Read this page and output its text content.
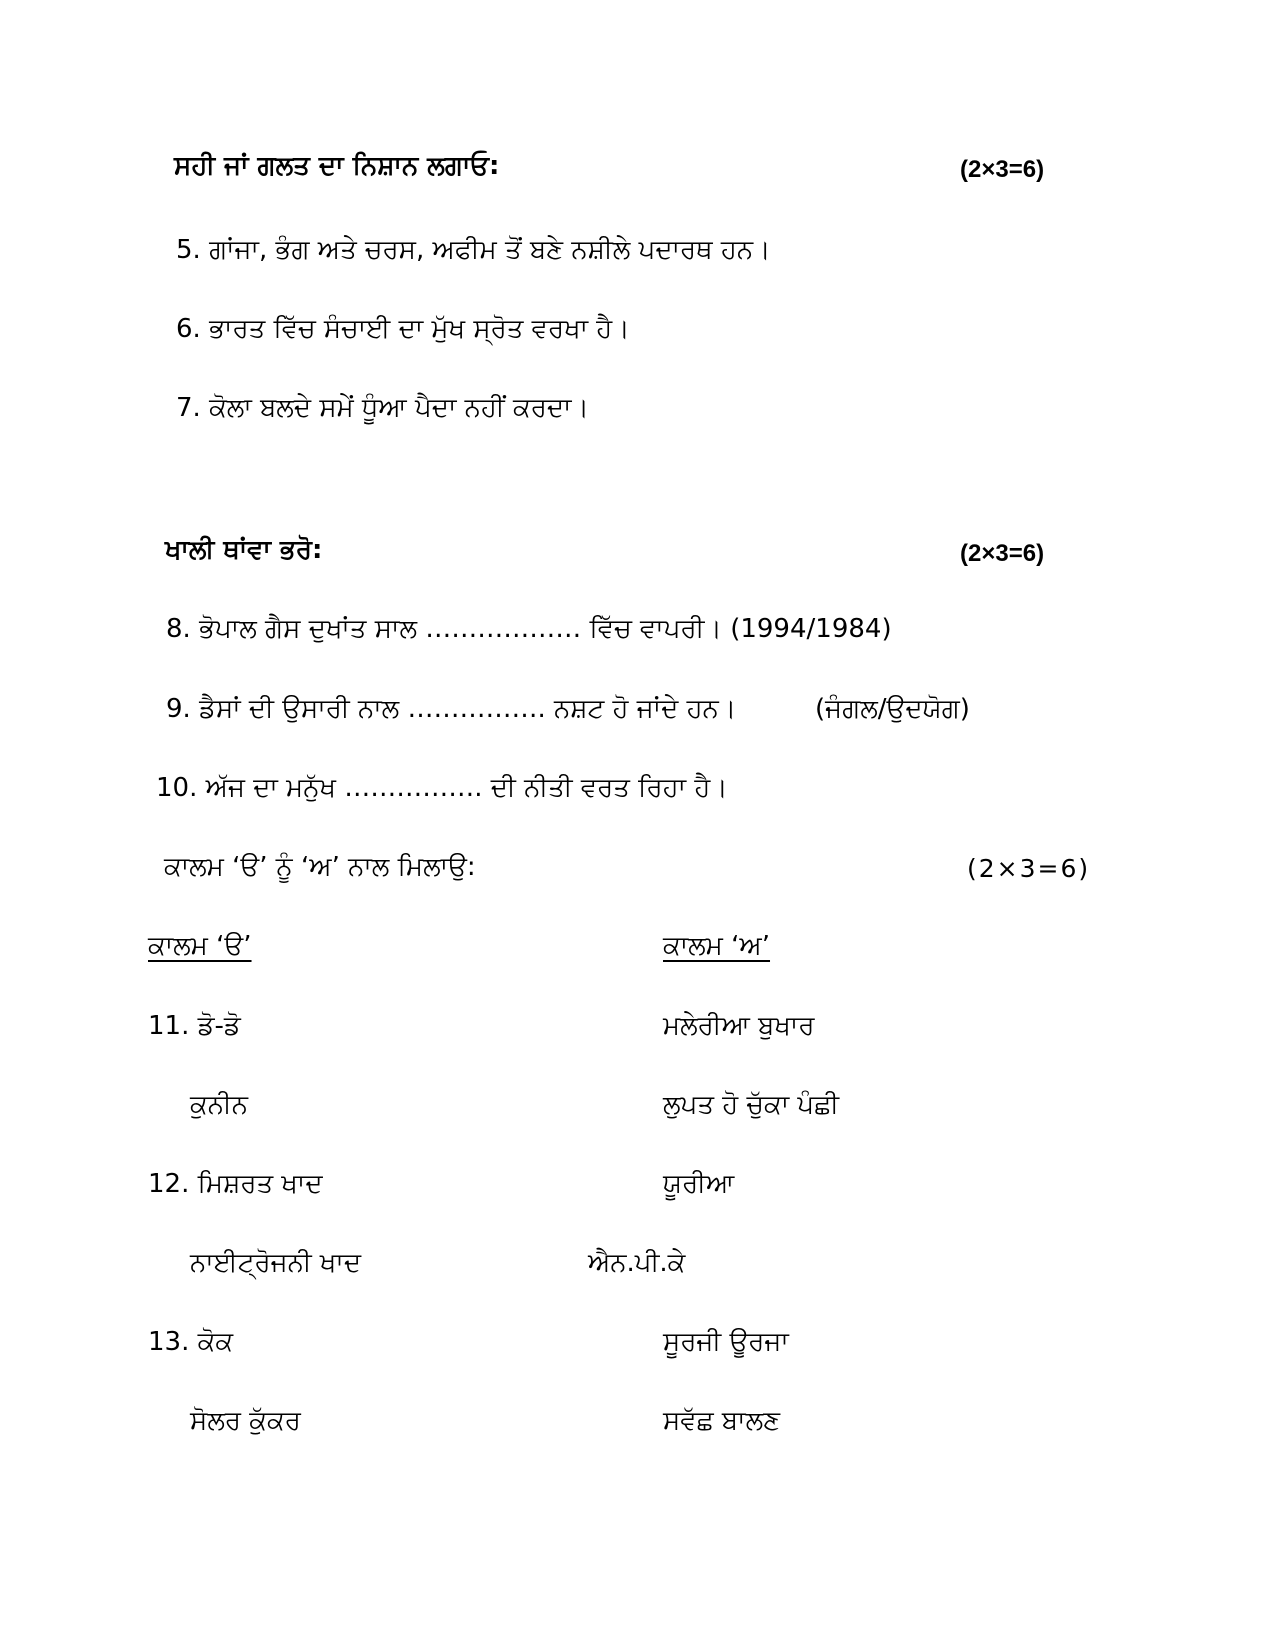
ਸਹੀ ਜਾਂ ਗਲਤ ਦਾ ਨਿਸ਼ਾਨ ਲਗਾਓ:	(2×3=6)
5. ਗਾਂਜਾ, ਭੰਗ ਅਤੇ ਚਰਸ, ਅਫੀਮ ਤੋਂ ਬਣੇ ਨਸ਼ੀਲੇ ਪਦਾਰਥ ਹਨ।
6. ਭਾਰਤ ਵਿੱਚ ਸੰਚਾਈ ਦਾ ਮੁੱਖ ਸ੍ਰੋਤ ਵਰਖਾ ਹੈ।
7. ਕੋਲਾ ਬਲਦੇ ਸਮੇਂ ਧੂੰਆ ਪੈਦਾ ਨਹੀਂ ਕਰਦਾ।
ਖਾਲੀ ਥਾਂਵਾ ਭਰੋ:	(2×3=6)
8. ਭੋਪਾਲ ਗੈਸ ਦੁਖਾਂਤ ਸਾਲ ……………… ਵਿੱਚ ਵਾਪਰੀ। (1994/1984)
9. ਡੈਸਾਂ ਦੀ ਉਸਾਰੀ ਨਾਲ ……………. ਨਸ਼ਟ ਹੋ ਜਾਂਦੇ ਹਨ।	(ਜੰਗਲ/ਉਦਯੋਗ)
10. ਅੱਜ ਦਾ ਮਨੁੱਖ ……………. ਦੀ ਨੀਤੀ ਵਰਤ ਰਿਹਾ ਹੈ।
ਕਾਲਮ ‘ੳ’ ਨੂੰ ‘ਅ’ ਨਾਲ ਮਿਲਾਉ:	(2×3=6)
ਕਾਲਮ ‘ੳ’	ਕਾਲਮ ‘ਅ’
11. ਡੋ-ਡੋ	ਮਲੇਰੀਆ ਬੁਖਾਰ
ਕੁਨੀਨ	ਲੁਪਤ ਹੋ ਚੁੱਕਾ ਪੰਛੀ
12. ਮਿਸ਼ਰਤ ਖਾਦ	ਯੂਰੀਆ
ਨਾਈਟ੍ਰੋਜਨੀ ਖਾਦ	ਐਨ.ਪੀ.ਕੇ
13. ਕੋਕ	ਸੂਰਜੀ ਊਰਜਾ
ਸੋਲਰ ਕੁੱਕਰ	ਸਵੱਛ ਬਾਲਣ
